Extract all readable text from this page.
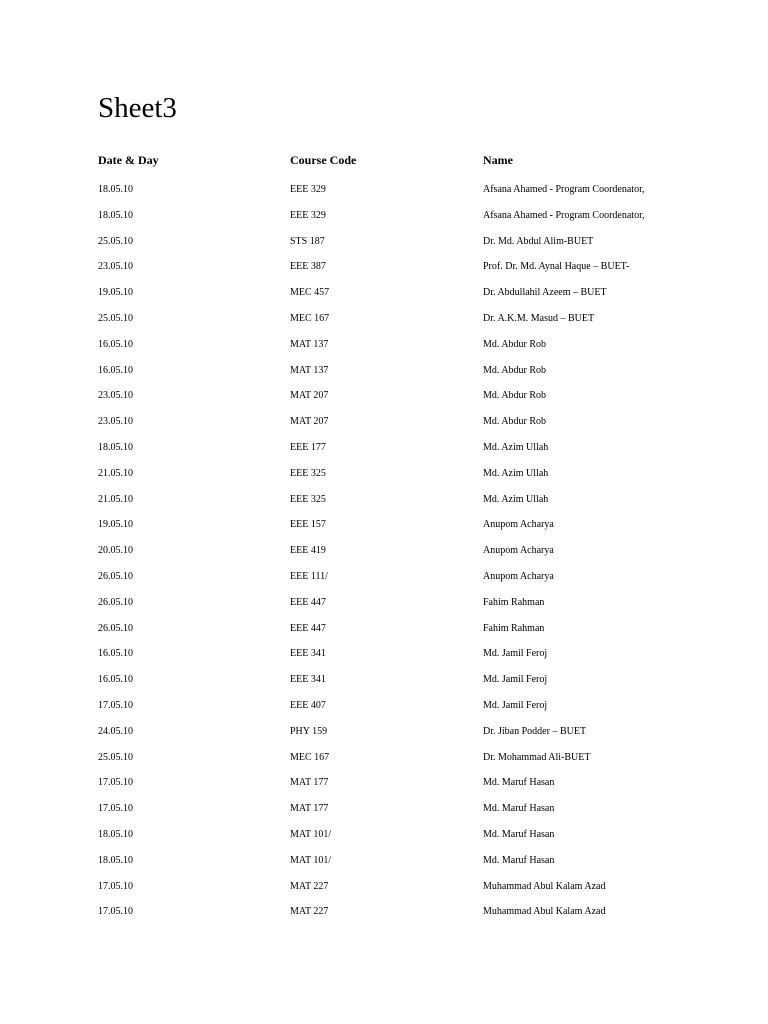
Sheet3
Date & Day	Course Code	Name
18.05.10	EEE 329	Afsana Ahamed - Program Coordenator,
18.05.10	EEE 329	Afsana Ahamed - Program Coordenator,
25.05.10	STS 187	Dr. Md. Abdul Alim-BUET
23.05.10	EEE 387	Prof. Dr. Md. Aynal Haque – BUET-
19.05.10	MEC 457	Dr. Abdullahil Azeem – BUET
25.05.10	MEC 167	Dr. A.K.M. Masud – BUET
16.05.10	MAT 137	Md. Abdur Rob
16.05.10	MAT 137	Md. Abdur Rob
23.05.10	MAT 207	Md. Abdur Rob
23.05.10	MAT 207	Md. Abdur Rob
18.05.10	EEE 177	Md. Azim Ullah
21.05.10	EEE 325	Md. Azim Ullah
21.05.10	EEE 325	Md. Azim Ullah
19.05.10	EEE 157	Anupom Acharya
20.05.10	EEE 419	Anupom Acharya
26.05.10	EEE 111/	Anupom Acharya
26.05.10	EEE 447	Fahim Rahman
26.05.10	EEE 447	Fahim Rahman
16.05.10	EEE 341	Md. Jamil Feroj
16.05.10	EEE 341	Md. Jamil Feroj
17.05.10	EEE 407	Md. Jamil Feroj
24.05.10	PHY 159	Dr. Jiban Podder – BUET
25.05.10	MEC 167	Dr. Mohammad Ali-BUET
17.05.10	MAT 177	Md. Maruf Hasan
17.05.10	MAT 177	Md. Maruf Hasan
18.05.10	MAT 101/	Md. Maruf Hasan
18.05.10	MAT 101/	Md. Maruf Hasan
17.05.10	MAT 227	Muhammad Abul Kalam Azad
17.05.10	MAT 227	Muhammad Abul Kalam Azad
